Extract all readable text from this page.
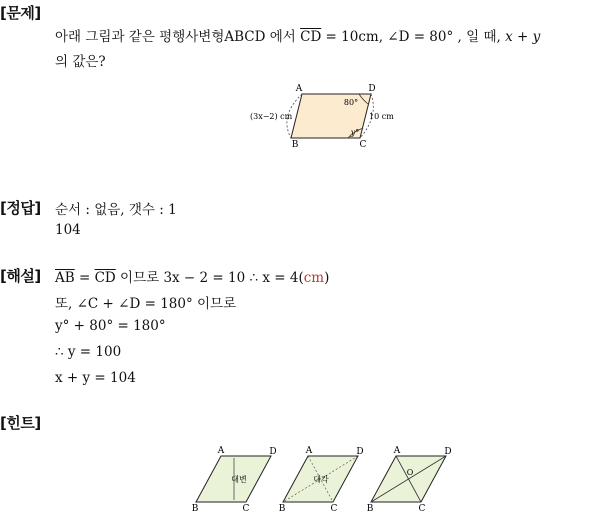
[문제]
아래 그림과 같은 평행사변형ABCD 에서 $\overline{CD} = 10cm$, ∠D = 80° , 일 때, x + y
의 값은?
A	D
B	C
80°
y°
(3x−2) cm	10 cm
[정답] 순서 : 없음, 갯수 : 1
104
[해설] $\overline{AB} = \overline{CD}$ 이므로 3x − 2 = 10 ∴ x = 4(cm)
또, ∠C + ∠D = 180° 이므로
y° + 80° = 180°
∴ y = 100
x + y = 104
[힌트]
A	D
B	C
대변
A	D
B	C
대각
A	D
B	C
O
